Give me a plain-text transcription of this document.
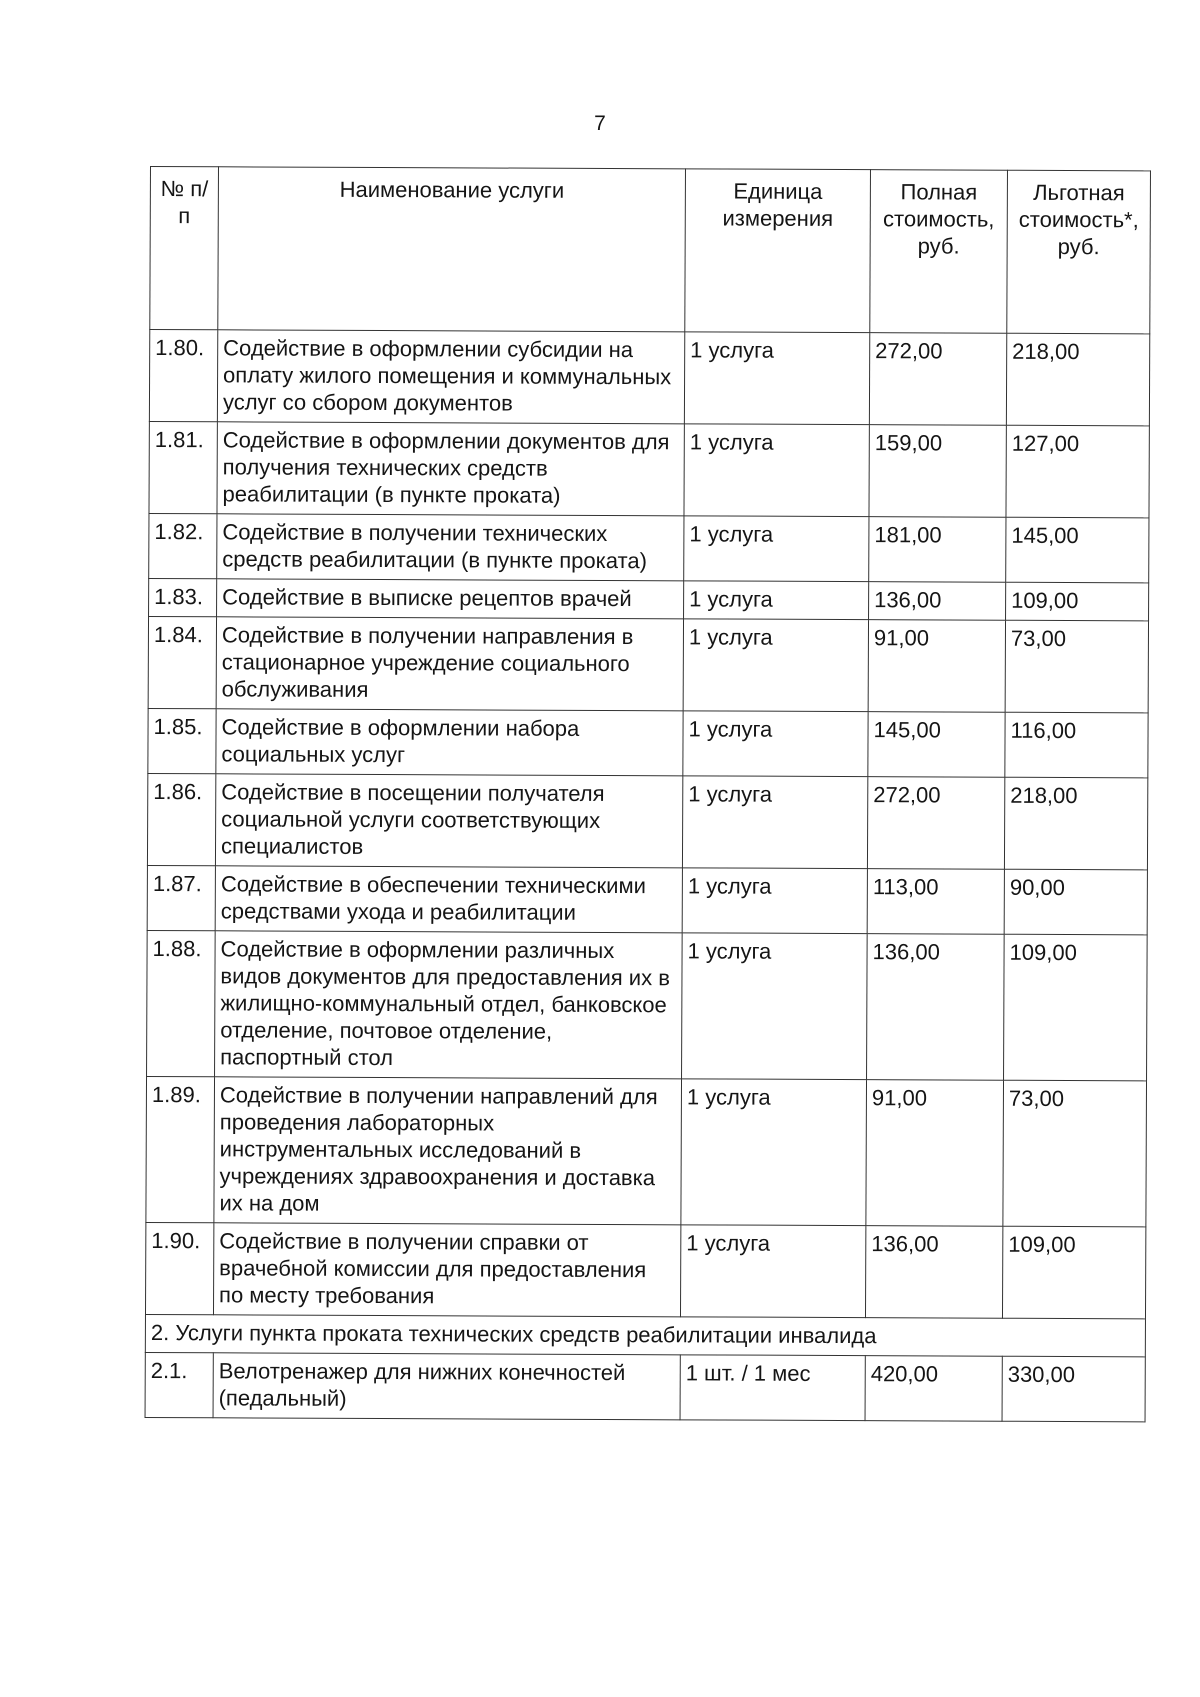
7
№ п/п	Наименование услуги	Единица измерения	Полная стоимость, руб.	Льготная стоимость*, руб.
1.80.	Содействие в оформлении субсидии на оплату жилого помещения и коммунальных услуг со сбором документов	1 услуга	272,00	218,00
1.81.	Содействие в оформлении документов для получения технических средств реабилитации (в пункте проката)	1 услуга	159,00	127,00
1.82.	Содействие в получении технических средств реабилитации (в пункте проката)	1 услуга	181,00	145,00
1.83.	Содействие в выписке рецептов врачей	1 услуга	136,00	109,00
1.84.	Содействие в получении направления в стационарное учреждение социального обслуживания	1 услуга	91,00	73,00
1.85.	Содействие в оформлении набора социальных услуг	1 услуга	145,00	116,00
1.86.	Содействие в посещении получателя социальной услуги соответствующих специалистов	1 услуга	272,00	218,00
1.87.	Содействие в обеспечении техническими средствами ухода и реабилитации	1 услуга	113,00	90,00
1.88.	Содействие в оформлении различных видов документов для предоставления их в жилищно-коммунальный отдел, банковское отделение, почтовое отделение, паспортный стол	1 услуга	136,00	109,00
1.89.	Содействие в получении направлений для проведения лабораторных инструментальных исследований в учреждениях здравоохранения и доставка их на дом	1 услуга	91,00	73,00
1.90.	Содействие в получении справки от врачебной комиссии для предоставления по месту требования	1 услуга	136,00	109,00
2. Услуги пункта проката технических средств реабилитации инвалида				
2.1.	Велотренажер для нижних конечностей (педальный)	1 шт. / 1 мес	420,00	330,00
